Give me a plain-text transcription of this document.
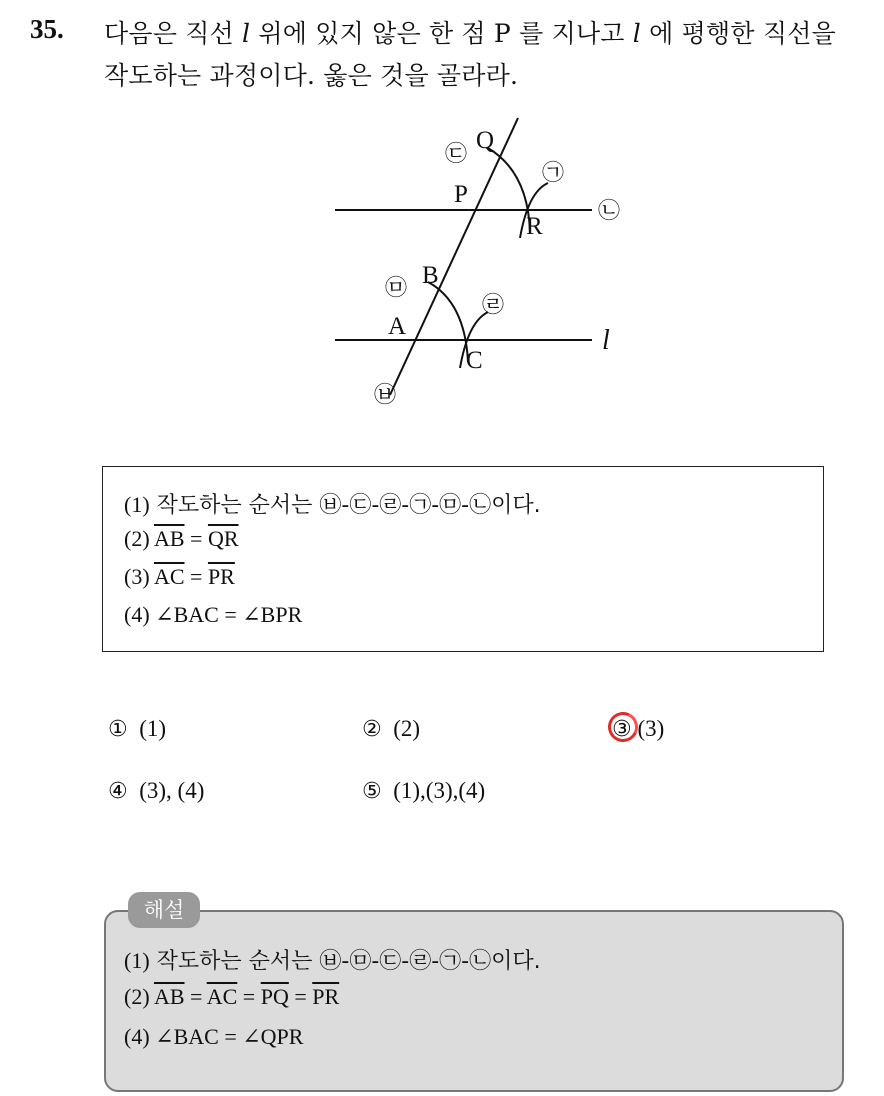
35. 다음은 직선 l 위에 있지 않은 한 점 P 를 지나고 l 에 평행한 직선을
작도하는 과정이다. 옳은 것을 골라라.
Q
P
R
B
A
C
l
㉢
㉠
㉡
㉤
㉣
㉥
(1) 작도하는 순서는 ㉥-㉢-㉣-㉠-㉤-㉡이다.
(2) $\overline{AB} = \overline{QR}$
(3) $\overline{AC} = \overline{PR}$
(4) ∠BAC = ∠BPR
① (1)	② (2)	③ (3)
④ (3), (4)	⑤ (1),(3),(4)
해설
(1) 작도하는 순서는 ㉥-㉤-㉢-㉣-㉠-㉡이다.
(2) $\overline{AB} = \overline{AC} = \overline{PQ} = \overline{PR}$
(4) ∠BAC = ∠QPR
